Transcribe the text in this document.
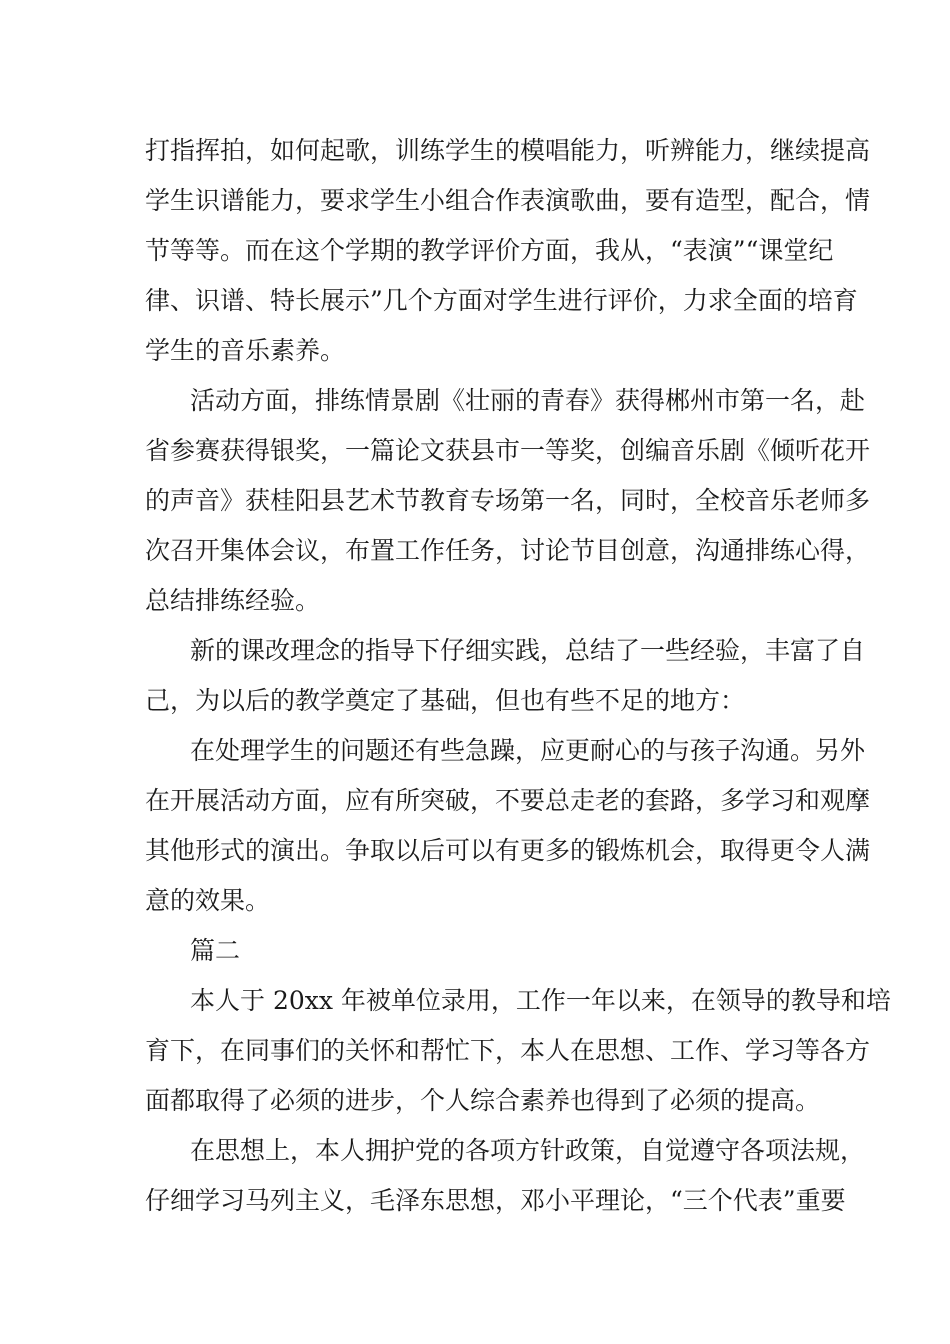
打指挥拍，如何起歌，训练学生的模唱能力，听辨能力，继续提高
学生识谱能力，要求学生小组合作表演歌曲，要有造型，配合，情
节等等。而在这个学期的教学评价方面，我从，“表演”“课堂纪
律、识谱、特长展示”几个方面对学生进行评价，力求全面的培育
学生的音乐素养。
活动方面，排练情景剧《壮丽的青春》获得郴州市第一名，赴
省参赛获得银奖，一篇论文获县市一等奖，创编音乐剧《倾听花开
的声音》获桂阳县艺术节教育专场第一名，同时，全校音乐老师多
次召开集体会议，布置工作任务，讨论节目创意，沟通排练心得，
总结排练经验。
新的课改理念的指导下仔细实践，总结了一些经验，丰富了自
己，为以后的教学奠定了基础，但也有些不足的地方：
在处理学生的问题还有些急躁，应更耐心的与孩子沟通。另外
在开展活动方面，应有所突破，不要总走老的套路，多学习和观摩
其他形式的演出。争取以后可以有更多的锻炼机会，取得更令人满
意的效果。
篇二
本人于 20xx 年被单位录用，工作一年以来，在领导的教导和培
育下，在同事们的关怀和帮忙下，本人在思想、工作、学习等各方
面都取得了必须的进步，个人综合素养也得到了必须的提高。
在思想上，本人拥护党的各项方针政策，自觉遵守各项法规，
仔细学习马列主义，毛泽东思想，邓小平理论，“三个代表”重要
